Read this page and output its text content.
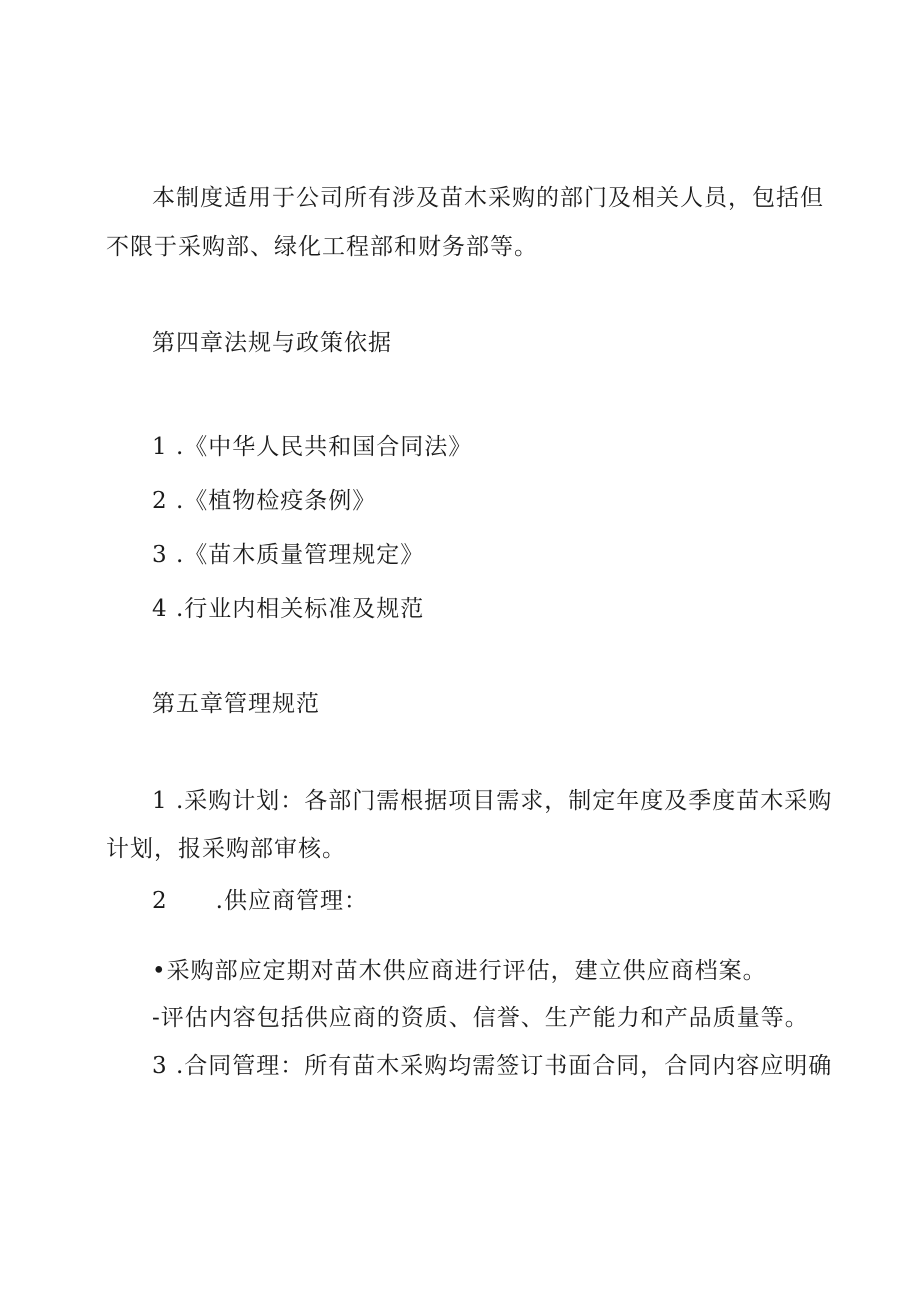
本制度适用于公司所有涉及苗木采购的部门及相关人员，包括但
不限于采购部、绿化工程部和财务部等。
第四章法规与政策依据
1 .《中华人民共和国合同法》
2 .《植物检疫条例》
3 .《苗木质量管理规定》
4 .行业内相关标准及规范
第五章管理规范
1 .采购计划：各部门需根据项目需求，制定年度及季度苗木采购
计划，报采购部审核。
2 .供应商管理：
•采购部应定期对苗木供应商进行评估，建立供应商档案。
-评估内容包括供应商的资质、信誉、生产能力和产品质量等。
3 .合同管理：所有苗木采购均需签订书面合同，合同内容应明确
